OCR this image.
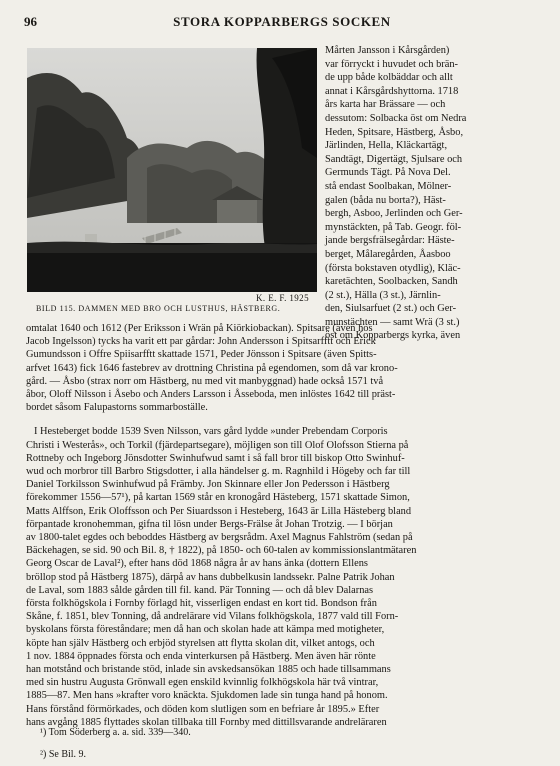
96	STORA KOPPARBERGS SOCKEN
K. E. F. 1925
BILD 115. DAMMEN MED BRO OCH LUSTHUS, HÄSTBERG.
Mårten Jansson i Kårsgården)
var förryckt i huvudet och brän-
de upp både kolbäddar och allt
annat i Kårsgårdshyttorna. 1718
års karta har Brässare — och
dessutom: Solbacka öst om Nedra
Heden, Spitsare, Hästberg, Åsbo,
Järlinden, Hella, Kläckartägt,
Sandtägt, Digertägt, Sjulsare och
Germunds Tägt. På Nova Del.
stå endast Soolbakan, Mölner-
galen (båda nu borta?), Häst-
bergh, Asboo, Jerlinden och Ger-
mynstäckten, på Tab. Geogr. föl-
jande bergsfrälsegårdar: Häste-
berget, Målaregården, Åasboo
(första bokstaven otydlig), Kläc-
karetächten, Soolbacken, Sandh
(2 st.), Hälla (3 st.), Järnlin-
den, Siulsarfuet (2 st.) och Ger-
munstächten — samt Wrä (3 st.)
öst om Kopparbergs kyrka, även
omtalat 1640 och 1612 (Per Eriksson i Wrän på Kiörkiobackan). Spitsare (även hos
Jacob Ingelsson) tycks ha varit ett par gårdar: John Andersson i Spitsarfftt och Erick
Gumundsson i Offre Spiisarfftt skattade 1571, Peder Jönsson i Spitsare (även Spitts-
arfvet 1643) fick 1646 fastebrev av drottning Christina på egendomen, som då var krono-
gård. — Åsbo (strax norr om Hästberg, nu med vit manbyggnad) hade också 1571 två
åbor, Oloff Nilsson i Åsebo och Anders Larsson i Åsseboda, men inlöstes 1642 till präst-
bordet såsom Falupastorns sommarboställe.
I Hesteberget bodde 1539 Sven Nilsson, vars gård lydde »under Prebendam Corporis
Christi i Westerås», och Torkil (fjärdepartsegare), möjligen son till Olof Olofsson Stierna på
Rottneby och Ingeborg Jönsdotter Swinhufwud samt i så fall bror till biskop Otto Swinhuf-
wud och morbror till Barbro Stigsdotter, i alla händelser g. m. Ragnhild i Högeby och far till
Daniel Torkilsson Swinhufwud på Främby. Jon Skinnare eller Jon Pedersson i Hästberg
förekommer 1556—57¹), på kartan 1569 står en kronogård Hästeberg, 1571 skattade Simon,
Matts Alffson, Erik Oloffsson och Per Siuardsson i Hesteberg, 1643 är Lilla Hästeberg bland
förpantade kronohemman, gifna til lösn under Bergs-Frälse åt Johan Trotzig. — I början
av 1800-talet egdes och beboddes Hästberg av bergsrådm. Axel Magnus Fahlström (sedan på
Bäckehagen, se sid. 90 och Bil. 8, † 1822), på 1850- och 60-talen av kommissionslantmätaren
Georg Oscar de Laval²), efter hans död 1868 några år av hans änka (dottern Ellens
bröllop stod på Hästberg 1875), därpå av hans dubbelkusin landssekr. Palne Patrik Johan
de Laval, som 1883 sålde gården till fil. kand. Pär Tonning — och då blev Dalarnas
första folkhögskola i Fornby förlagd hit, visserligen endast en kort tid. Bondson från
Skåne, f. 1851, blev Tonning, då andrelärare vid Vilans folkhögskola, 1877 vald till Forn-
byskolans första föreståndare; men då han och skolan hade att kämpa med motigheter,
köpte han själv Hästberg och erbjöd styrelsen att flytta skolan dit, vilket antogs, och
1 nov. 1884 öppnades första och enda vinterkursen på Hästberg. Men även här rönte
han motstånd och bristande stöd, inlade sin avskedsansökan 1885 och hade tillsammans
med sin hustru Augusta Grönwall egen enskild kvinnlig folkhögskola här två vintrar,
1885—87. Men hans »krafter voro knäckta. Sjukdomen lade sin tunga hand på honom.
Hans förstånd förmörkades, och döden kom slutligen som en befriare år 1895.» Efter
hans avgång 1885 flyttades skolan tillbaka till Fornby med dittillsvarande andreläraren
¹) Tom Söderberg a. a. sid. 339—340.
²) Se Bil. 9.
